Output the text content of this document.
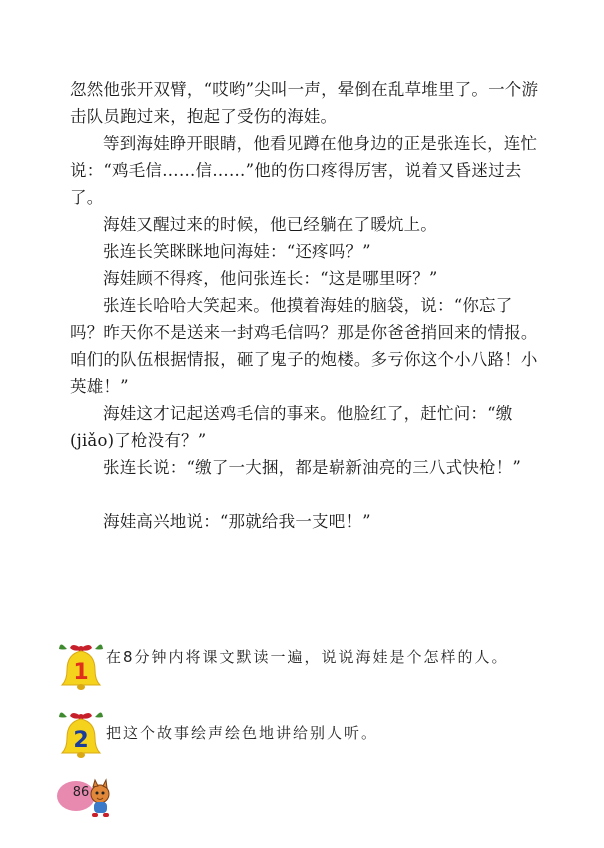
忽然他张开双臂，“哎哟”尖叫一声，晕倒在乱草堆里了。一个游击队员跑过来，抱起了受伤的海娃。

等到海娃睁开眼睛，他看见蹲在他身边的正是张连长，连忙说：“鸡毛信……信……”他的伤口疼得厉害，说着又昏迷过去了。

海娃又醒过来的时候，他已经躺在了暖炕上。

张连长笑眯眯地问海娃：“还疼吗？”

海娃顾不得疼，他问张连长：“这是哪里呀？”

张连长哈哈大笑起来。他摸着海娃的脑袋，说：“你忘了吗？昨天你不是送来一封鸡毛信吗？那是你爸爸捎回来的情报。咱们的队伍根据情报，砸了鬼子的炮楼。多亏你这个小八路！小英雄！”

海娃这才记起送鸡毛信的事来。他脸红了，赶忙问：“缴(jiǎo)了枪没有？”

张连长说：“缴了一大捆，都是崭新油亮的三八式快枪！”

海娃高兴地说：“那就给我一支吧！”

1

在8分钟内将课文默读一遍，说说海娃是个怎样的人。

2 把这个故事绘声绘色地讲给别人听。

86
